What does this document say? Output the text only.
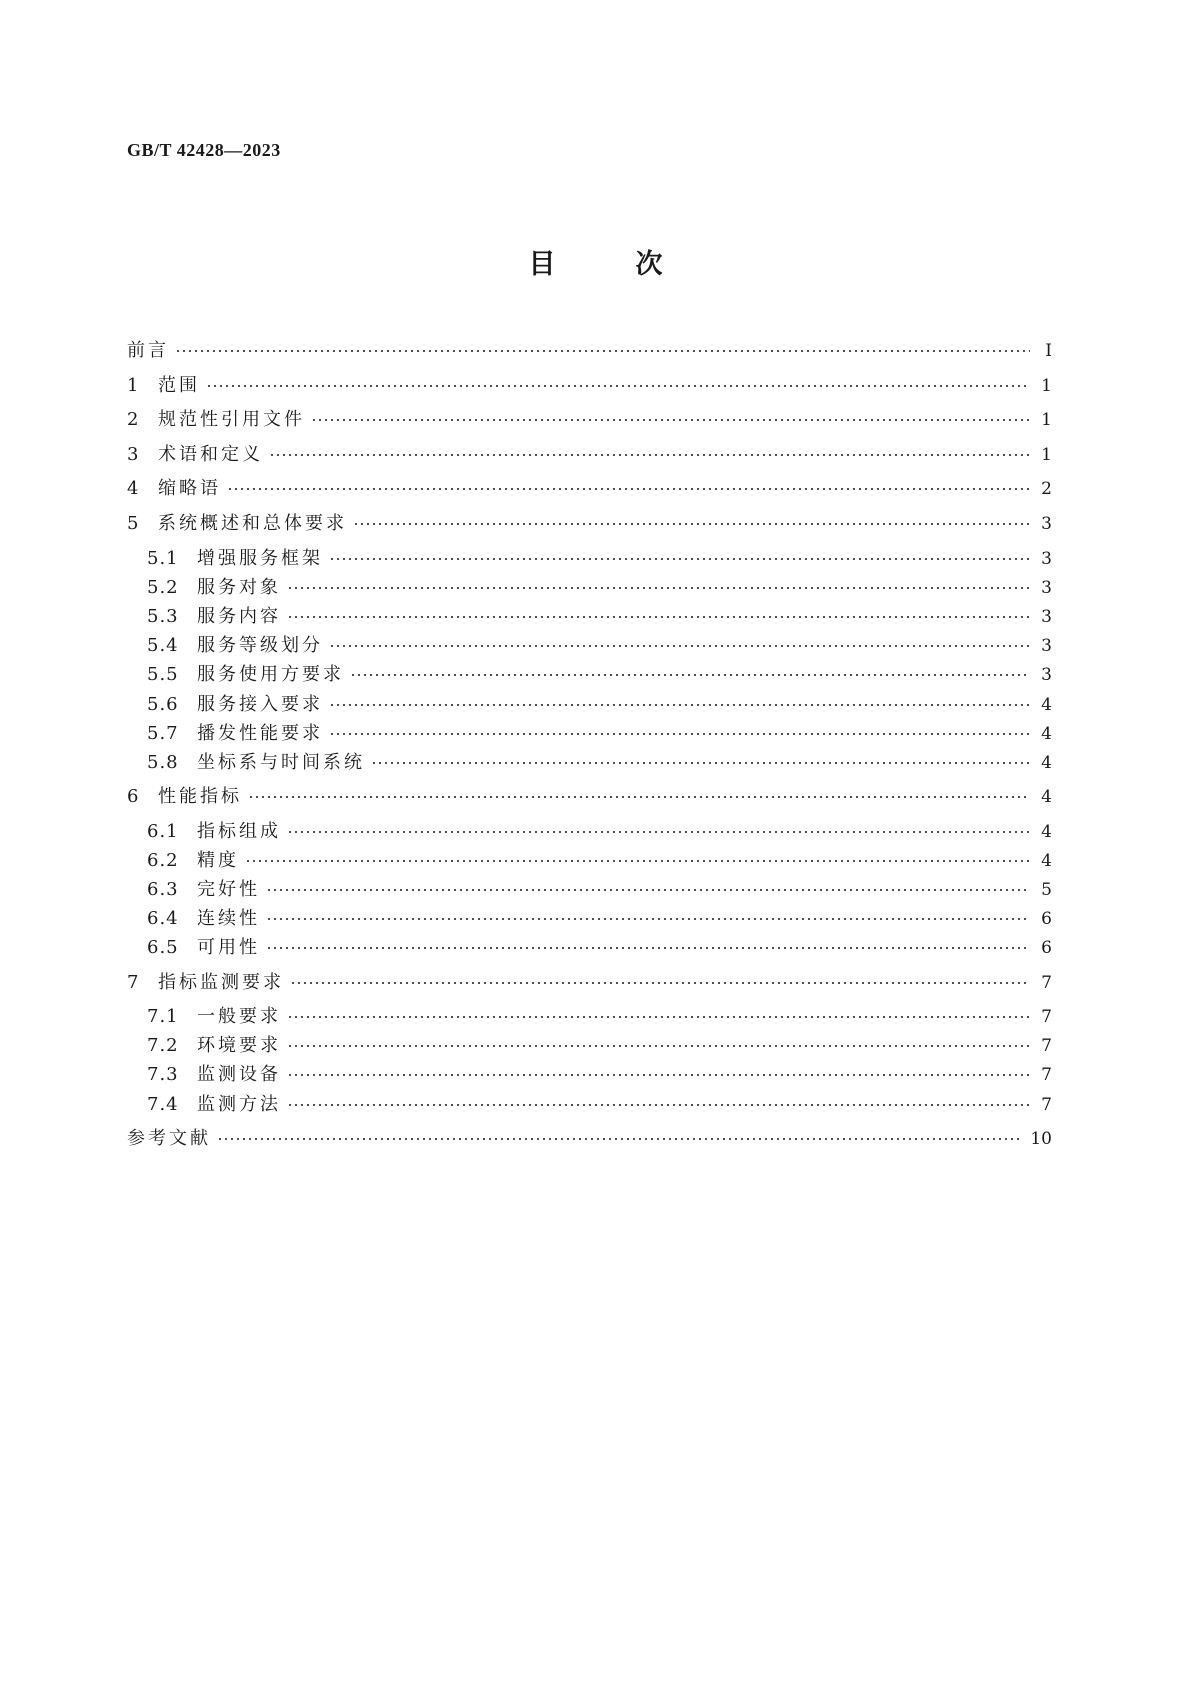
GB/T 42428—2023
目	次
前言	Ⅰ
1	范围	1
2	规范性引用文件	1
3	术语和定义	1
4	缩略语	2
5	系统概述和总体要求	3
5.1	增强服务框架	3
5.2	服务对象	3
5.3	服务内容	3
5.4	服务等级划分	3
5.5	服务使用方要求	3
5.6	服务接入要求	4
5.7	播发性能要求	4
5.8	坐标系与时间系统	4
6	性能指标	4
6.1	指标组成	4
6.2	精度	4
6.3	完好性	5
6.4	连续性	6
6.5	可用性	6
7	指标监测要求	7
7.1	一般要求	7
7.2	环境要求	7
7.3	监测设备	7
7.4	监测方法	7
参考文献	10
